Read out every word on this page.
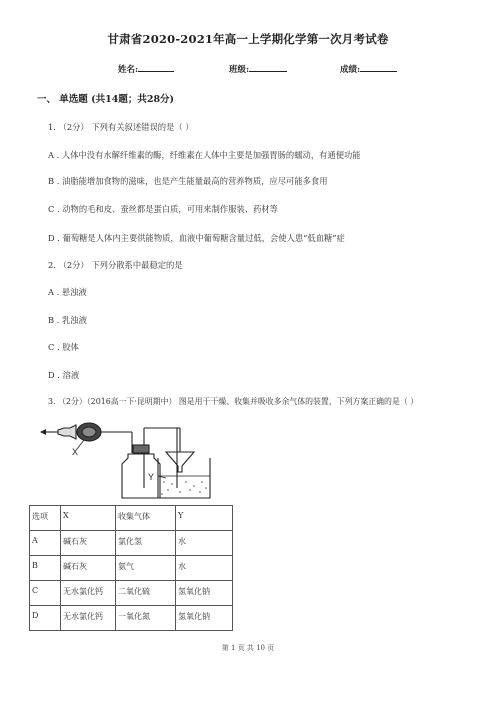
甘肃省2020-2021年高一上学期化学第一次月考试卷
姓名:	班级:	成绩:
一、 单选题 (共14题；共28分)
1. （2分） 下列有关叙述错误的是（ ）
A . 人体中没有水解纤维素的酶，纤维素在人体中主要是加强胃肠的蠕动，有通便功能
B . 油脂能增加食物的滋味，也是产生能量最高的营养物质，应尽可能多食用
C . 动物的毛和皮、蚕丝都是蛋白质，可用来制作服装、药材等
D . 葡萄糖是人体内主要供能物质，血液中葡萄糖含量过低，会使人患“低血糖”症
2. （2分） 下列分散系中最稳定的是
A . 悬浊液
B . 乳浊液
C . 胶体
D . 溶液
3. （2分）（2016高一下·昆明期中） 图是用于干燥、收集并吸收多余气体的装置，下列方案正确的是（ ）
X
Y
选项	X	收集气体	Y
A	碱石灰	氯化氢	水
B	碱石灰	氨气	水
C	无水氯化钙	二氧化硫	氢氧化钠
D	无水氯化钙	一氧化氮	氢氧化钠
第 1 页 共 10 页
